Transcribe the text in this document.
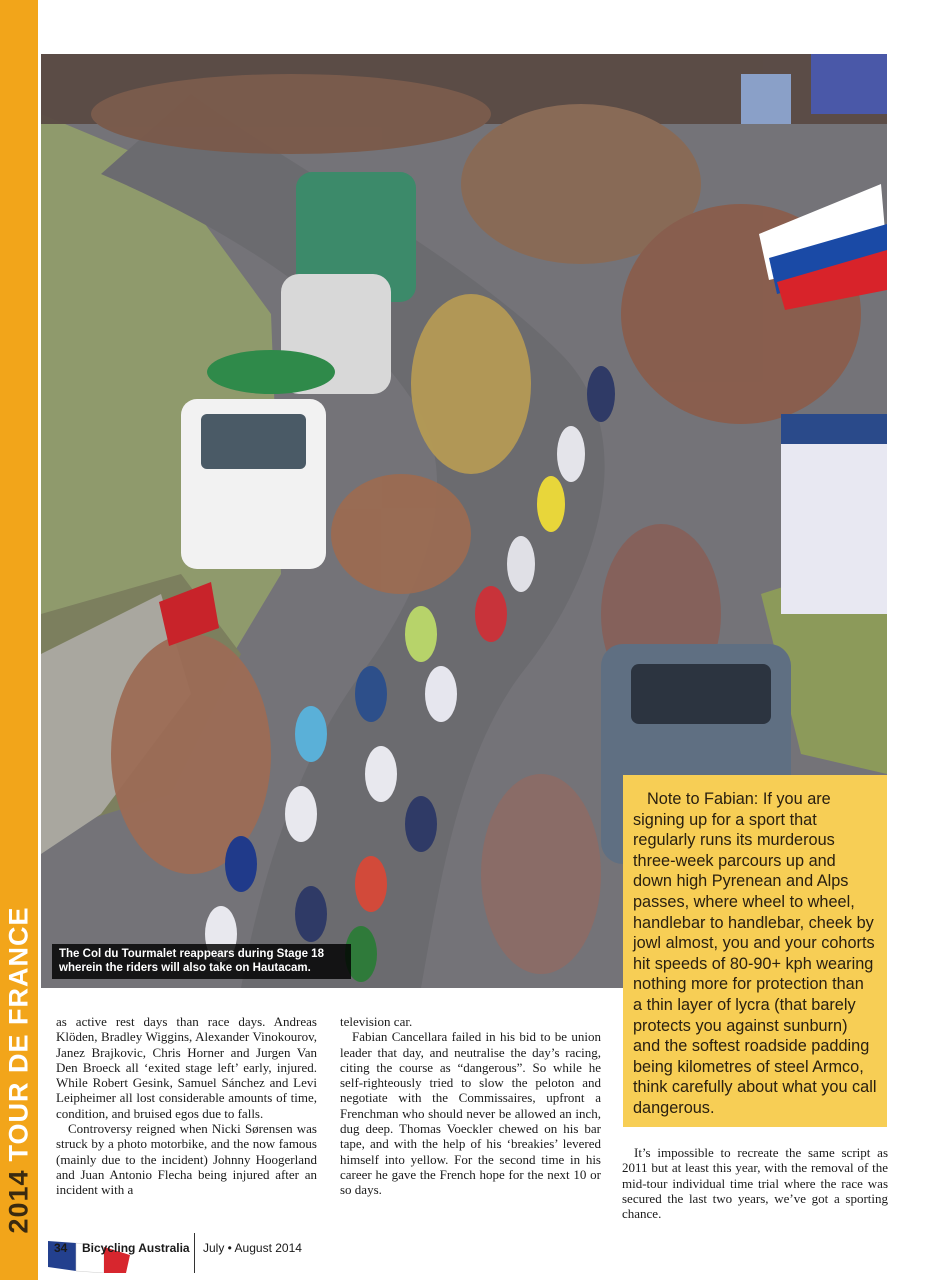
2014TOUR DE FRANCE The Col du Tourmalet reappears during Stage 18
wherein the riders will also take on Hautacam.

Note to Fabian: If you are signing up for a sport that regularly runs its murderous three-week parcours up and down high Pyrenean and Alps passes, where wheel to wheel, handlebar to handlebar, cheek by jowl almost, you and your cohorts hit speeds of 80-90+ kph wearing nothing more for protection than a thin layer of lycra (that barely protects you against sunburn) and the softest roadside padding being kilometres of steel Armco, think carefully about what you call dangerous.

as active rest days than race days. Andreas Klöden, Bradley Wiggins, Alexander Vinokourov, Janez Brajkovic, Chris Horner and Jurgen Van Den Broeck all ‘exited stage left’ early, injured. While Robert Gesink, Samuel Sánchez and Levi Leipheimer all lost considerable amounts of time, condition, and bruised egos due to falls.

Controversy reigned when Nicki Sørensen was struck by a photo motorbike, and the now famous (mainly due to the incident) Johnny Hoogerland and Juan Antonio Flecha being injured after an incident with a

television car.

Fabian Cancellara failed in his bid to be union leader that day, and neutralise the day’s racing, citing the course as “dangerous”. So while he self-righteously tried to slow the peloton and negotiate with the Commissaires, upfront a Frenchman who should never be allowed an inch, dug deep. Thomas Voeckler chewed on his bar tape, and with the help of his ‘breakies’ levered himself into yellow. For the second time in his career he gave the French hope for the next 10 or so days.

It’s impossible to recreate the same script as 2011 but at least this year, with the removal of the mid-tour individual time trial where the race was secured the last two years, we’ve got a sporting chance.

34 Bicycling Australia July • August 2014
